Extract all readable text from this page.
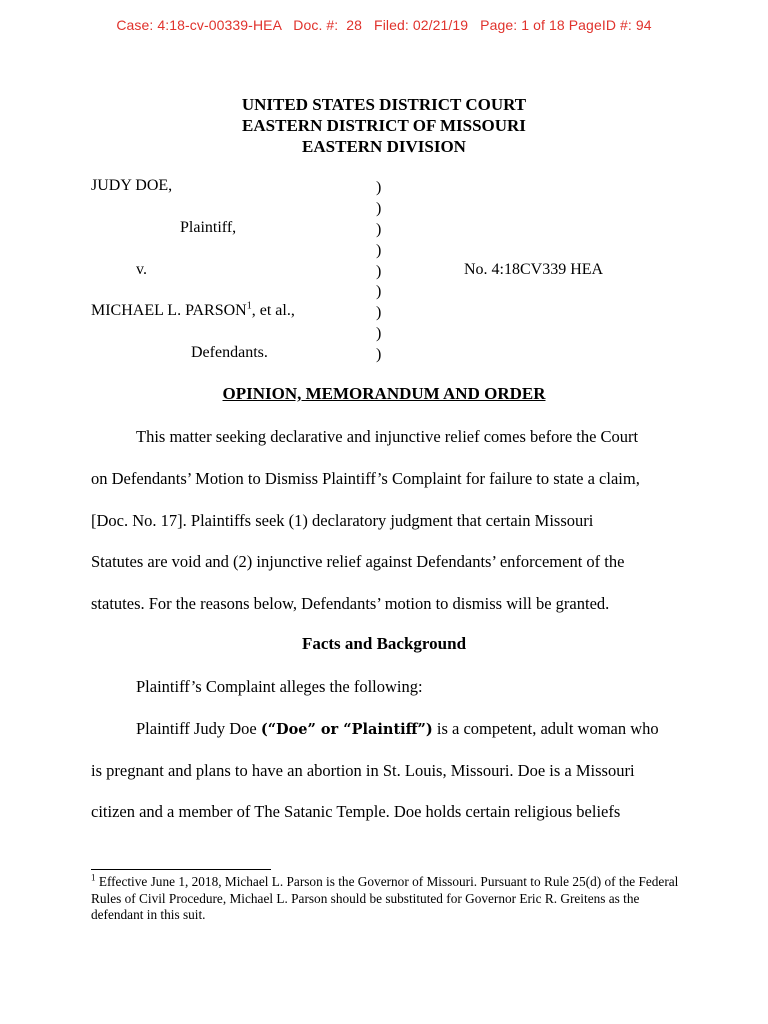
Case: 4:18-cv-00339-HEA Doc. #:  28 Filed: 02/21/19 Page: 1 of 18 PageID #: 94
UNITED STATES DISTRICT COURT
EASTERN DISTRICT OF MISSOURI
EASTERN DIVISION
JUDY DOE,
Plaintiff,
v.
MICHAEL L. PARSON$^1$, et al.,
Defendants.
No. 4:18CV339 HEA
)
)
)
)
)
)
)
)
)
OPINION, MEMORANDUM AND ORDER
This matter seeking declarative and injunctive relief comes before the Court
on Defendants’ Motion to Dismiss Plaintiff’s Complaint for failure to state a claim,
[Doc. No. 17]. Plaintiffs seek (1) declaratory judgment that certain Missouri
Statutes are void and (2) injunctive relief against Defendants’ enforcement of the
statutes. For the reasons below, Defendants’ motion to dismiss will be granted.
Facts and Background
Plaintiff’s Complaint alleges the following:
Plaintiff Judy Doe (“Doe” or “Plaintiff”) is a competent, adult woman who
is pregnant and plans to have an abortion in St. Louis, Missouri. Doe is a Missouri
citizen and a member of The Satanic Temple. Doe holds certain religious beliefs
$^1$ Effective June 1, 2018, Michael L. Parson is the Governor of Missouri. Pursuant to Rule 25(d) of the Federal Rules of Civil Procedure, Michael L. Parson should be substituted for Governor Eric R. Greitens as the defendant in this suit.
